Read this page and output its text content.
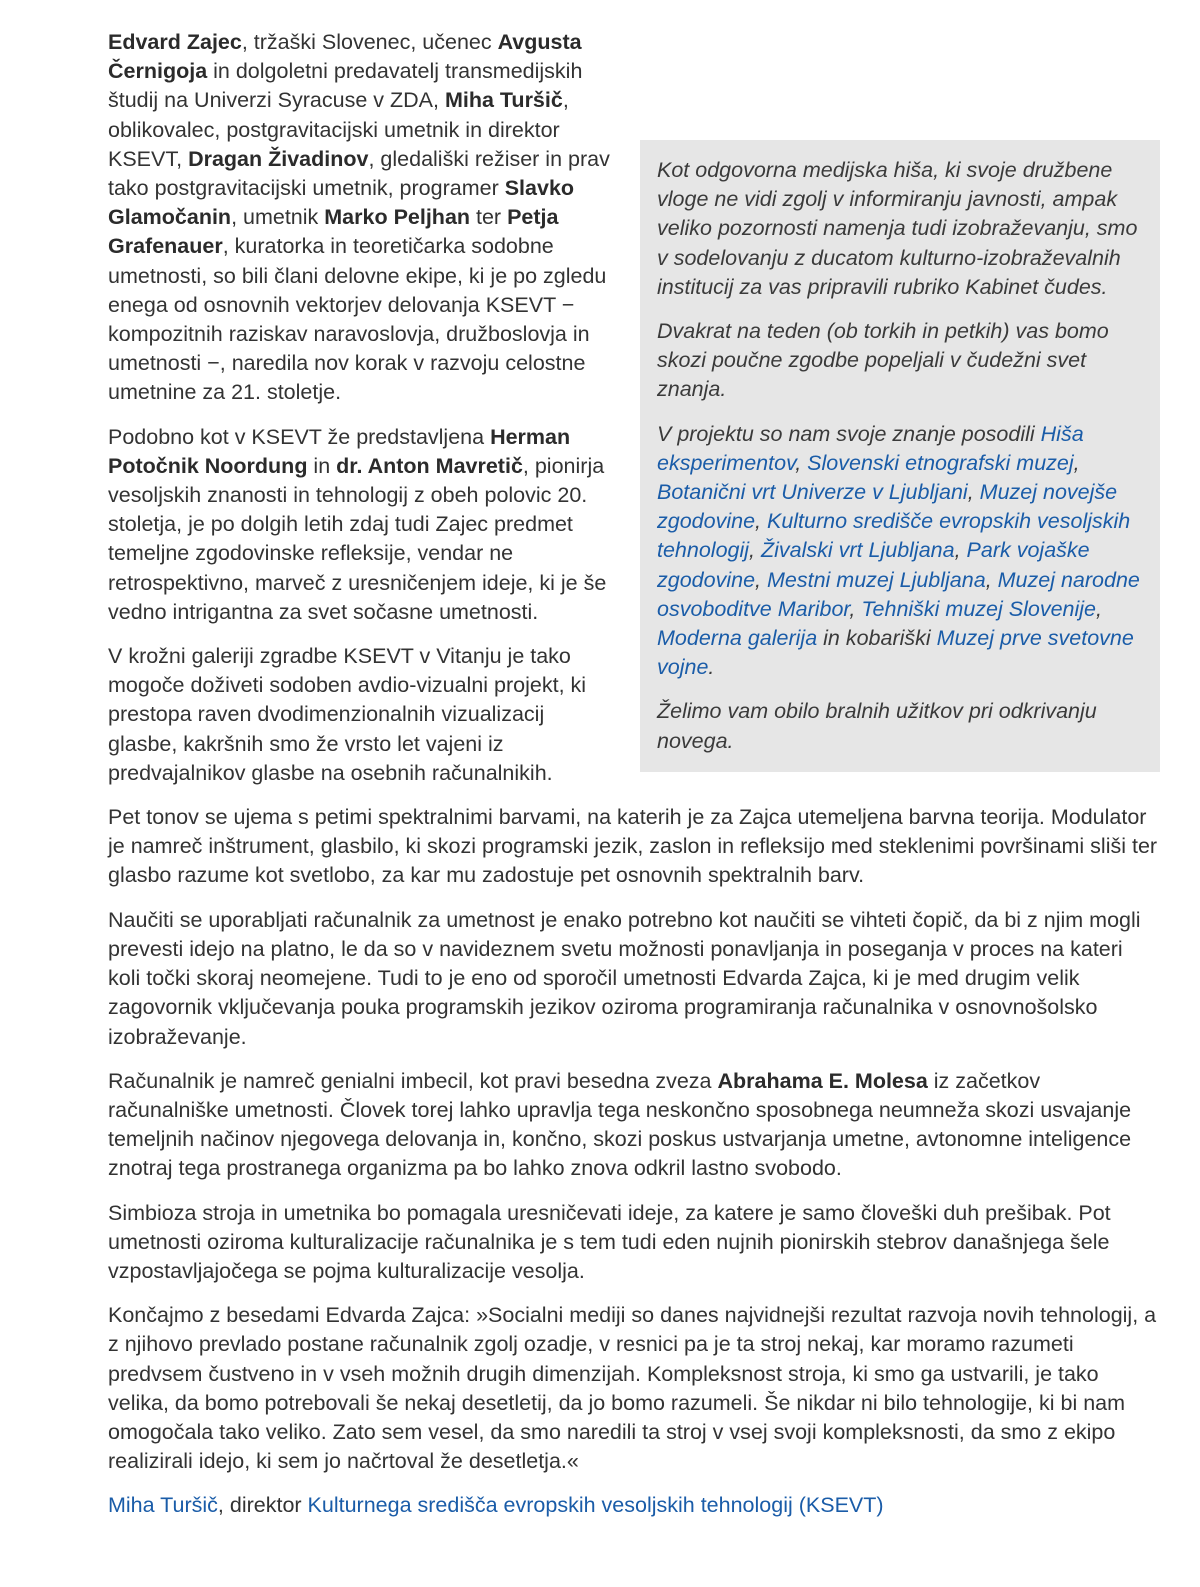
Kot odgovorna medijska hiša, ki svoje družbene vloge ne vidi zgolj v informiranju javnosti, ampak veliko pozornosti namenja tudi izobraževanju, smo v sodelovanju z ducatom kulturno-izobraževalnih institucij za vas pripravili rubriko Kabinet čudes.

Dvakrat na teden (ob torkih in petkih) vas bomo skozi poučne zgodbe popeljali v čudežni svet znanja.

V projektu so nam svoje znanje posodili Hiša eksperimentov, Slovenski etnografski muzej, Botanični vrt Univerze v Ljubljani, Muzej novejše zgodovine, Kulturno središče evropskih vesoljskih tehnologij, Živalski vrt Ljubljana, Park vojaške zgodovine, Mestni muzej Ljubljana, Muzej narodne osvoboditve Maribor, Tehniški muzej Slovenije, Moderna galerija in kobariški Muzej prve svetovne vojne.

Želimo vam obilo bralnih užitkov pri odkrivanju novega.

Edvard Zajec, tržaški Slovenec, učenec Avgusta Černigoja in dolgoletni predavatelj transmedijskih študij na Univerzi Syracuse v ZDA, Miha Turšič, oblikovalec, postgravitacijski umetnik in direktor KSEVT, Dragan Živadinov, gledališki režiser in prav tako postgravitacijski umetnik, programer Slavko Glamočanin, umetnik Marko Peljhan ter Petja Grafenauer, kuratorka in teoretičarka sodobne umetnosti, so bili člani delovne ekipe, ki je po zgledu enega od osnovnih vektorjev delovanja KSEVT − kompozitnih raziskav naravoslovja, družboslovja in umetnosti −, naredila nov korak v razvoju celostne umetnine za 21. stoletje.

Podobno kot v KSEVT že predstavljena Herman Potočnik Noordung in dr. Anton Mavretič, pionirja vesoljskih znanosti in tehnologij z obeh polovic 20. stoletja, je po dolgih letih zdaj tudi Zajec predmet temeljne zgodovinske refleksije, vendar ne retrospektivno, marveč z uresničenjem ideje, ki je še vedno intrigantna za svet sočasne umetnosti.

V krožni galeriji zgradbe KSEVT v Vitanju je tako mogoče doživeti sodoben avdio-vizualni projekt, ki prestopa raven dvodimenzionalnih vizualizacij glasbe, kakršnih smo že vrsto let vajeni iz predvajalnikov glasbe na osebnih računalnikih.

Pet tonov se ujema s petimi spektralnimi barvami, na katerih je za Zajca utemeljena barvna teorija. Modulator je namreč inštrument, glasbilo, ki skozi programski jezik, zaslon in refleksijo med steklenimi površinami sliši ter glasbo razume kot svetlobo, za kar mu zadostuje pet osnovnih spektralnih barv.

Naučiti se uporabljati računalnik za umetnost je enako potrebno kot naučiti se vihteti čopič, da bi z njim mogli prevesti idejo na platno, le da so v navideznem svetu možnosti ponavljanja in poseganja v proces na kateri koli točki skoraj neomejene. Tudi to je eno od sporočil umetnosti Edvarda Zajca, ki je med drugim velik zagovornik vključevanja pouka programskih jezikov oziroma programiranja računalnika v osnovnošolsko izobraževanje.

Računalnik je namreč genialni imbecil, kot pravi besedna zveza Abrahama E. Molesa iz začetkov računalniške umetnosti. Človek torej lahko upravlja tega neskončno sposobnega neumneža skozi usvajanje temeljnih načinov njegovega delovanja in, končno, skozi poskus ustvarjanja umetne, avtonomne inteligence znotraj tega prostranega organizma pa bo lahko znova odkril lastno svobodo.

Simbioza stroja in umetnika bo pomagala uresničevati ideje, za katere je samo človeški duh prešibak. Pot umetnosti oziroma kulturalizacije računalnika je s tem tudi eden nujnih pionirskih stebrov današnjega šele vzpostavljajočega se pojma kulturalizacije vesolja.

Končajmo z besedami Edvarda Zajca: »Socialni mediji so danes najvidnejši rezultat razvoja novih tehnologij, a z njihovo prevlado postane računalnik zgolj ozadje, v resnici pa je ta stroj nekaj, kar moramo razumeti predvsem čustveno in v vseh možnih drugih dimenzijah. Kompleksnost stroja, ki smo ga ustvarili, je tako velika, da bomo potrebovali še nekaj desetletij, da jo bomo razumeli. Še nikdar ni bilo tehnologije, ki bi nam omogočala tako veliko. Zato sem vesel, da smo naredili ta stroj v vsej svoji kompleksnosti, da smo z ekipo realizirali idejo, ki sem jo načrtoval že desetletja.«

Miha Turšič, direktor Kulturnega središča evropskih vesoljskih tehnologij (KSEVT)
